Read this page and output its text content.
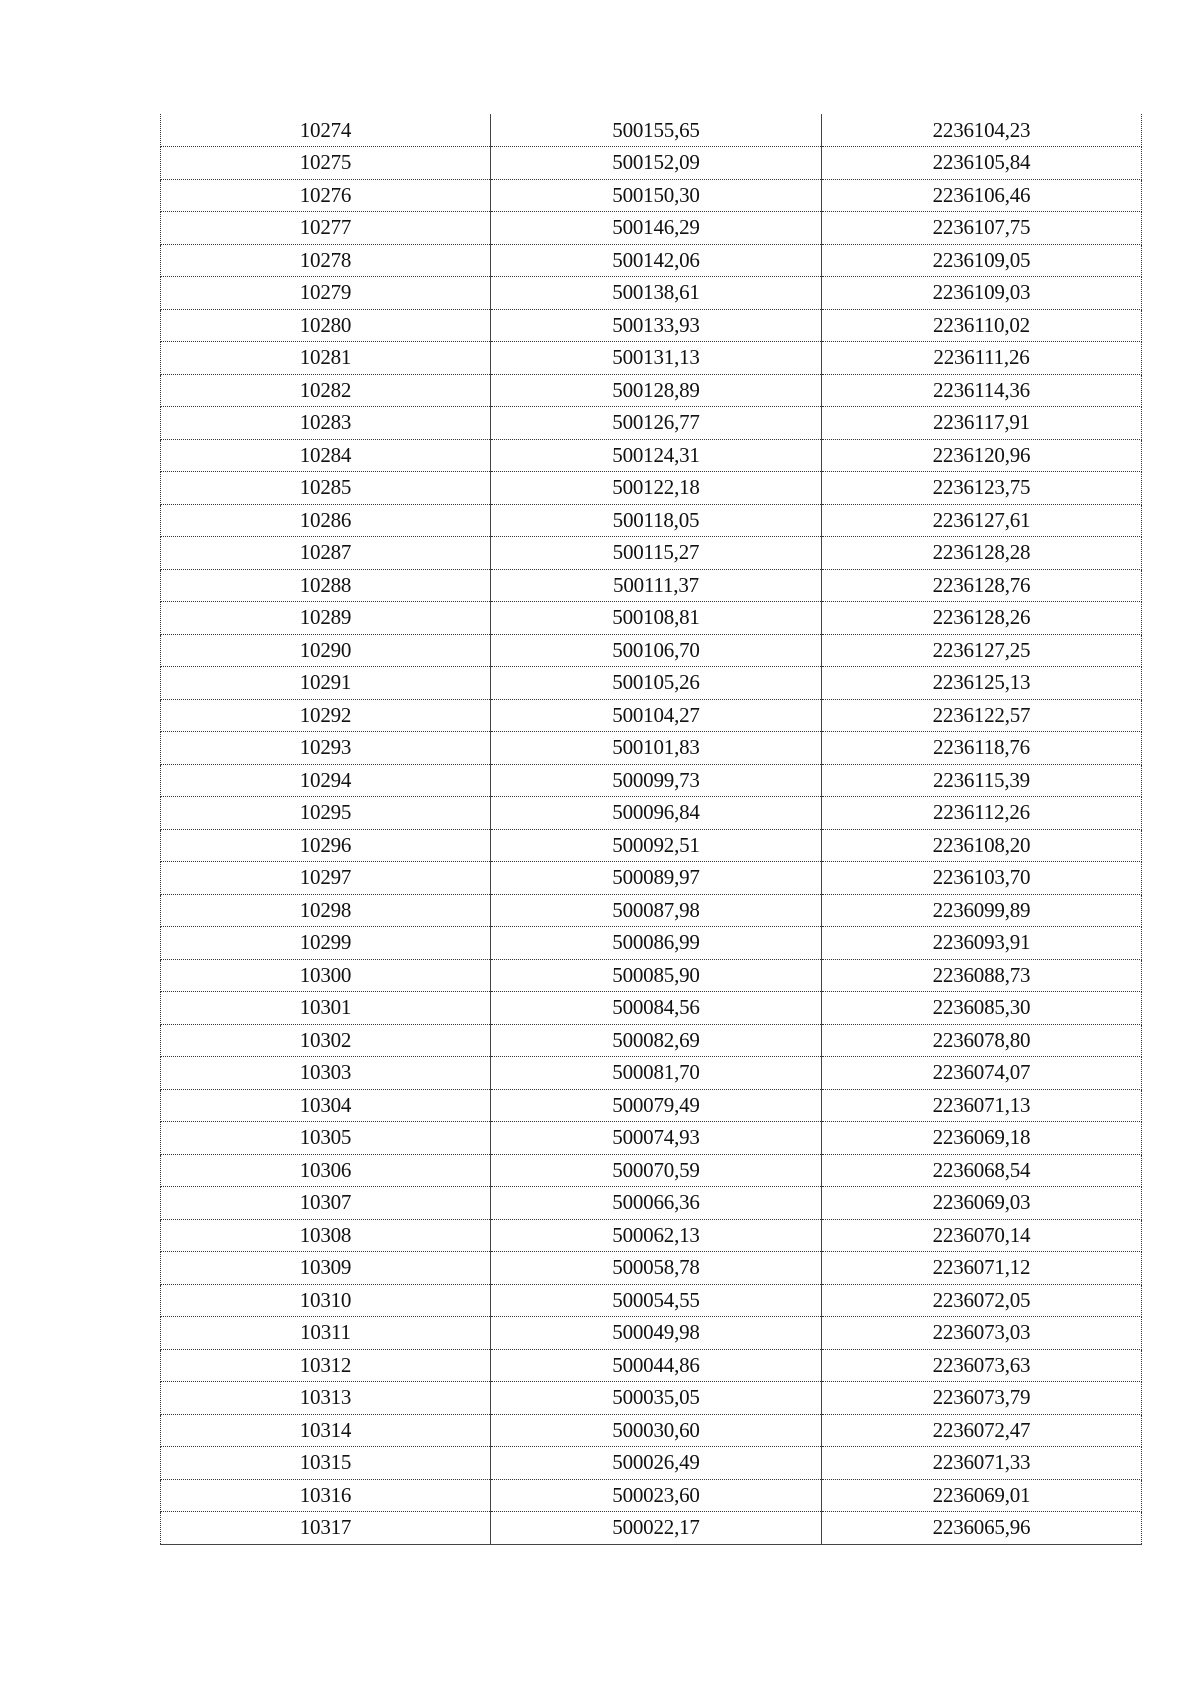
10274	500155,65	2236104,23
10275	500152,09	2236105,84
10276	500150,30	2236106,46
10277	500146,29	2236107,75
10278	500142,06	2236109,05
10279	500138,61	2236109,03
10280	500133,93	2236110,02
10281	500131,13	2236111,26
10282	500128,89	2236114,36
10283	500126,77	2236117,91
10284	500124,31	2236120,96
10285	500122,18	2236123,75
10286	500118,05	2236127,61
10287	500115,27	2236128,28
10288	500111,37	2236128,76
10289	500108,81	2236128,26
10290	500106,70	2236127,25
10291	500105,26	2236125,13
10292	500104,27	2236122,57
10293	500101,83	2236118,76
10294	500099,73	2236115,39
10295	500096,84	2236112,26
10296	500092,51	2236108,20
10297	500089,97	2236103,70
10298	500087,98	2236099,89
10299	500086,99	2236093,91
10300	500085,90	2236088,73
10301	500084,56	2236085,30
10302	500082,69	2236078,80
10303	500081,70	2236074,07
10304	500079,49	2236071,13
10305	500074,93	2236069,18
10306	500070,59	2236068,54
10307	500066,36	2236069,03
10308	500062,13	2236070,14
10309	500058,78	2236071,12
10310	500054,55	2236072,05
10311	500049,98	2236073,03
10312	500044,86	2236073,63
10313	500035,05	2236073,79
10314	500030,60	2236072,47
10315	500026,49	2236071,33
10316	500023,60	2236069,01
10317	500022,17	2236065,96
